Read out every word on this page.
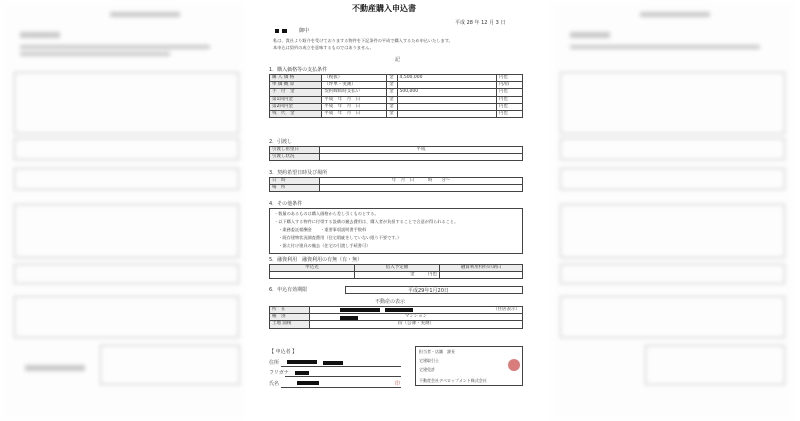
不動産購入申込書
平成 28 年 12 月 3 日
御中
私は、貴社より紹介を受けておりまする物件を下記条件の平成で購入するため申込いたします。
本申込は契約の成立を意味するものではありません。
記
1．購入価格等の支払条件
購 入 価 格	（税抜）	金	4,500,000	円也
単 価 概 算	（坪単・実測）	金		円/㎡
手　付　金	契約締結時支払い	金	500,000	円也
第1回内金	平成　年　月　日	金		円也
第2回内金	平成　年　月　日	金		円也
残　代　金	平成　年　月　日	金		円也
2．引渡し
引渡し希望日	平成
引渡し状況	
3．契約希望日時及び場所
日　時	年　月　日　　　時　　分～
場　所	
4．その他条件
・数量のあるものは購入価格から差し引くものとする。
・以下購入する物件に付帯する設備の撤去費用は、購入者が負担することで合意が得られること。
　・業務委託報酬金　　・重要事項説明書手数料
　・既存建物状況調査費用（住宅瑕疵をしていない限り不要です。）
　・据え付け建具の撤去（住宅の引渡し手続書可）
5．融資利用　融資利用の有無（有・無）
申込先	借入予定額	融資利用特約の期日
	金　　　円也	
6．申込有効期限	平成29年1月20日
不動産の表示
所　在	（住居表示）
種　別	マンション
土地 面積	㎡（公簿・実測）
【 申込者 】
住所
フリガナ
氏名	印
担当者・店舗　課長
宅建取引士
宅建免許
不動産会社デベロップメント株式会社
